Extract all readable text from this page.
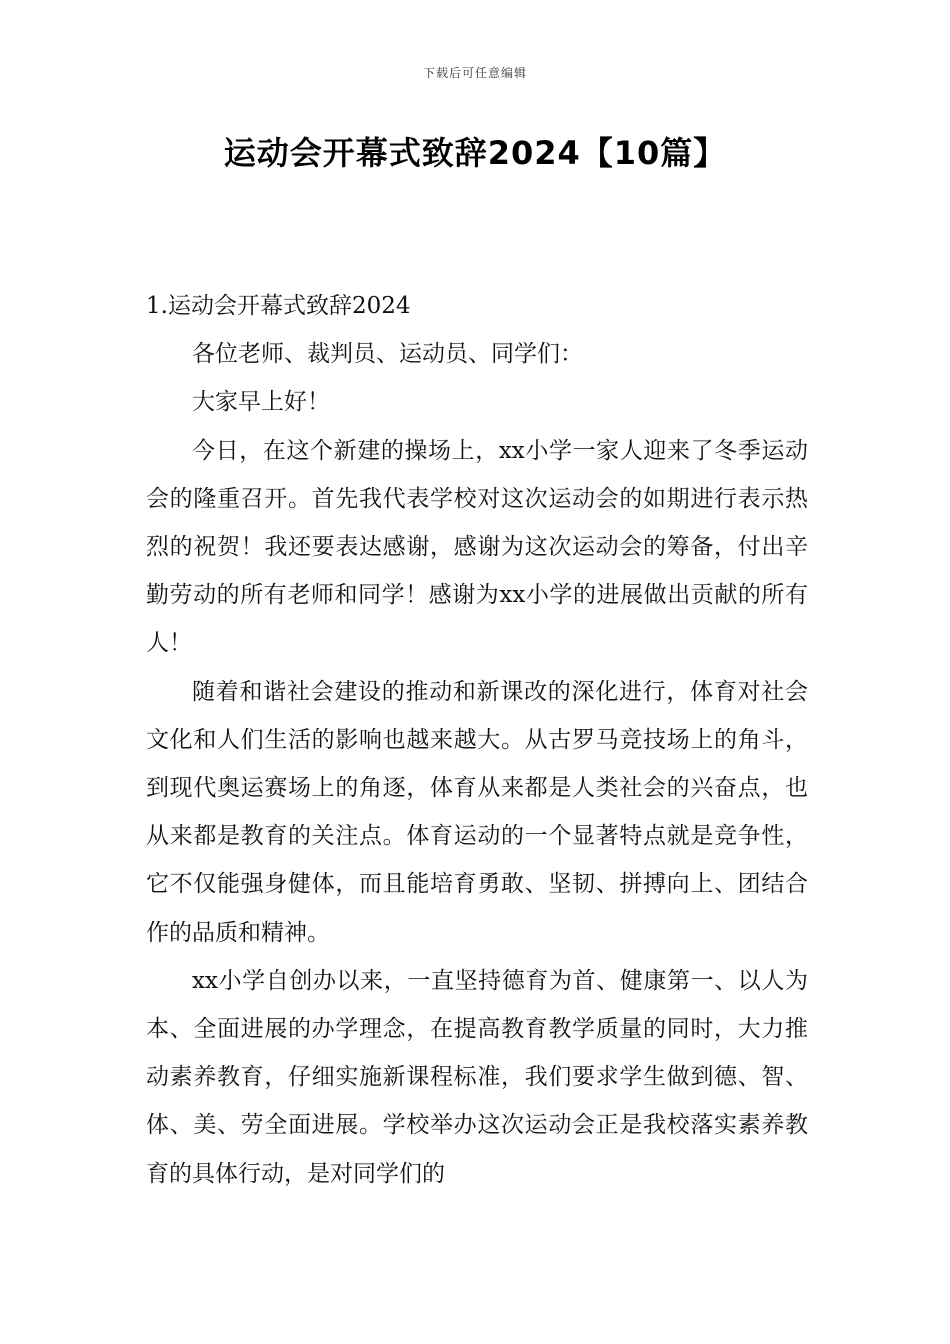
下载后可任意编辑
运动会开幕式致辞2024【10篇】

1.运动会开幕式致辞2024

各位老师、裁判员、运动员、同学们：

大家早上好！

今日，在这个新建的操场上，xx小学一家人迎来了冬季运动会的隆重召开。首先我代表学校对这次运动会的如期进行表示热烈的祝贺！我还要表达感谢，感谢为这次运动会的筹备，付出辛勤劳动的所有老师和同学！感谢为xx小学的进展做出贡献的所有人！

随着和谐社会建设的推动和新课改的深化进行，体育对社会文化和人们生活的影响也越来越大。从古罗马竞技场上的角斗，到现代奥运赛场上的角逐，体育从来都是人类社会的兴奋点，也从来都是教育的关注点。体育运动的一个显著特点就是竞争性，它不仅能强身健体，而且能培育勇敢、坚韧、拼搏向上、团结合作的品质和精神。

xx小学自创办以来，一直坚持德育为首、健康第一、以人为本、全面进展的办学理念，在提高教育教学质量的同时，大力推动素养教育，仔细实施新课程标准，我们要求学生做到德、智、体、美、劳全面进展。学校举办这次运动会正是我校落实素养教育的具体行动，是对同学们的
